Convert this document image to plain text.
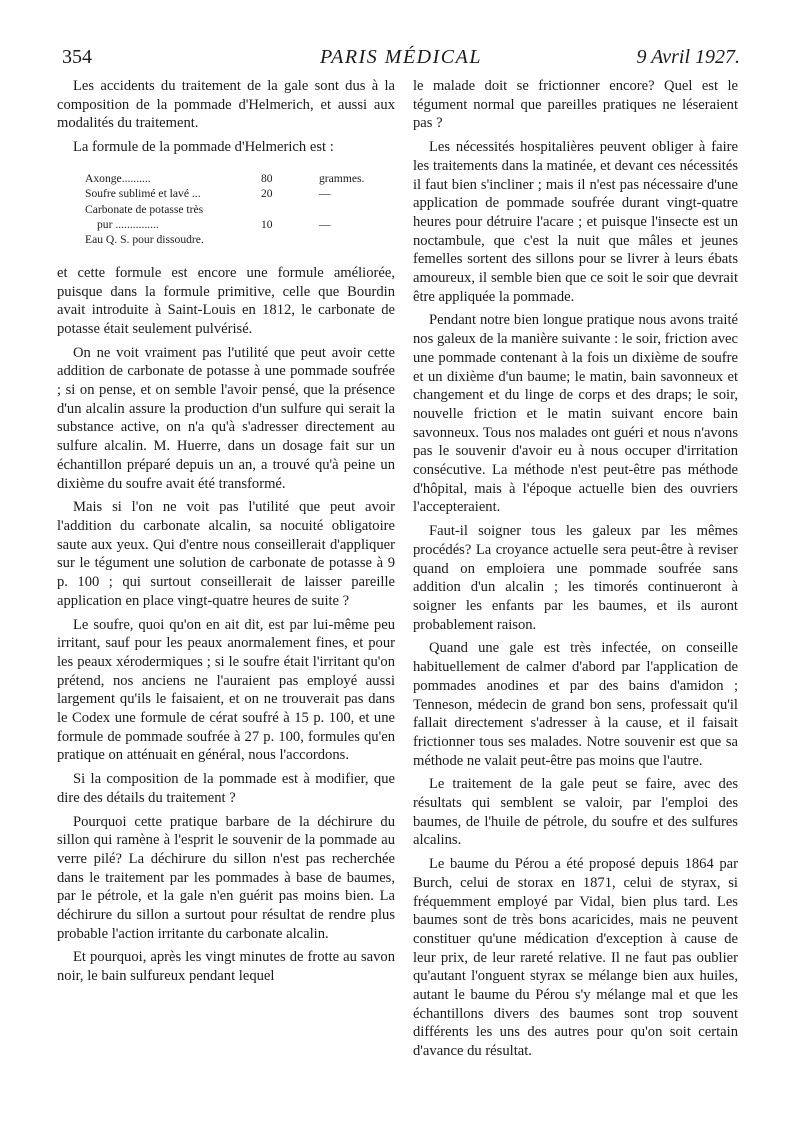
354	PARIS MÉDICAL	9 Avril 1927.

Les accidents du traitement de la gale sont dus à la composition de la pommade d'Helmerich, et aussi aux modalités du traitement.

La formule de la pommade d'Helmerich est :

Axonge..........	80	grammes.
Soufre sublimé et lavé ...	20	—
Carbonate de potasse très
pur ...............	10	—
Eau Q. S. pour dissoudre.

et cette formule est encore une formule améliorée, puisque dans la formule primitive, celle que Bourdin avait introduite à Saint-Louis en 1812, le carbonate de potasse était seulement pulvérisé.

On ne voit vraiment pas l'utilité que peut avoir cette addition de carbonate de potasse à une pommade soufrée ; si on pense, et on semble l'avoir pensé, que la présence d'un alcalin assure la production d'un sulfure qui serait la substance active, on n'a qu'à s'adresser directement au sulfure alcalin. M. Huerre, dans un dosage fait sur un échantillon préparé depuis un an, a trouvé qu'à peine un dixième du soufre avait été transformé.

Mais si l'on ne voit pas l'utilité que peut avoir l'addition du carbonate alcalin, sa nocuité obligatoire saute aux yeux. Qui d'entre nous conseillerait d'appliquer sur le tégument une solution de carbonate de potasse à 9 p. 100 ; qui surtout conseillerait de laisser pareille application en place vingt-quatre heures de suite ?

Le soufre, quoi qu'on en ait dit, est par lui-même peu irritant, sauf pour les peaux anormalement fines, et pour les peaux xérodermiques ; si le soufre était l'irritant qu'on prétend, nos anciens ne l'auraient pas employé aussi largement qu'ils le faisaient, et on ne trouverait pas dans le Codex une formule de cérat soufré à 15 p. 100, et une formule de pommade soufrée à 27 p. 100, formules qu'en pratique on atténuait en général, nous l'accordons.

Si la composition de la pommade est à modifier, que dire des détails du traitement ?

Pourquoi cette pratique barbare de la déchirure du sillon qui ramène à l'esprit le souvenir de la pommade au verre pilé? La déchirure du sillon n'est pas recherchée dans le traitement par les pommades à base de baumes, par le pétrole, et la gale n'en guérit pas moins bien. La déchirure du sillon a surtout pour résultat de rendre plus probable l'action irritante du carbonate alcalin.

Et pourquoi, après les vingt minutes de frotte au savon noir, le bain sulfureux pendant lequel

le malade doit se frictionner encore? Quel est le tégument normal que pareilles pratiques ne léseraient pas ?

Les nécessités hospitalières peuvent obliger à faire les traitements dans la matinée, et devant ces nécessités il faut bien s'incliner ; mais il n'est pas nécessaire d'une application de pommade soufrée durant vingt-quatre heures pour détruire l'acare ; et puisque l'insecte est un noctambule, que c'est la nuit que mâles et jeunes femelles sortent des sillons pour se livrer à leurs ébats amoureux, il semble bien que ce soit le soir que devrait être appliquée la pommade.

Pendant notre bien longue pratique nous avons traité nos galeux de la manière suivante : le soir, friction avec une pommade contenant à la fois un dixième de soufre et un dixième d'un baume; le matin, bain savonneux et changement et du linge de corps et des draps; le soir, nouvelle friction et le matin suivant encore bain savonneux. Tous nos malades ont guéri et nous n'avons pas le souvenir d'avoir eu à nous occuper d'irritation consécutive. La méthode n'est peut-être pas méthode d'hôpital, mais à l'époque actuelle bien des ouvriers l'accepteraient.

Faut-il soigner tous les galeux par les mêmes procédés? La croyance actuelle sera peut-être à reviser quand on emploiera une pommade soufrée sans addition d'un alcalin ; les timorés continueront à soigner les enfants par les baumes, et ils auront probablement raison.

Quand une gale est très infectée, on conseille habituellement de calmer d'abord par l'application de pommades anodines et par des bains d'amidon ; Tenneson, médecin de grand bon sens, professait qu'il fallait directement s'adresser à la cause, et il faisait frictionner tous ses malades. Notre souvenir est que sa méthode ne valait peut-être pas moins que l'autre.

Le traitement de la gale peut se faire, avec des résultats qui semblent se valoir, par l'emploi des baumes, de l'huile de pétrole, du soufre et des sulfures alcalins.

Le baume du Pérou a été proposé depuis 1864 par Burch, celui de storax en 1871, celui de styrax, si fréquemment employé par Vidal, bien plus tard. Les baumes sont de très bons acaricides, mais ne peuvent constituer qu'une médication d'exception à cause de leur prix, de leur rareté relative. Il ne faut pas oublier qu'autant l'onguent styrax se mélange bien aux huiles, autant le baume du Pérou s'y mélange mal et que les échantillons divers des baumes sont trop souvent différents les uns des autres pour qu'on soit certain d'avance du résultat.
